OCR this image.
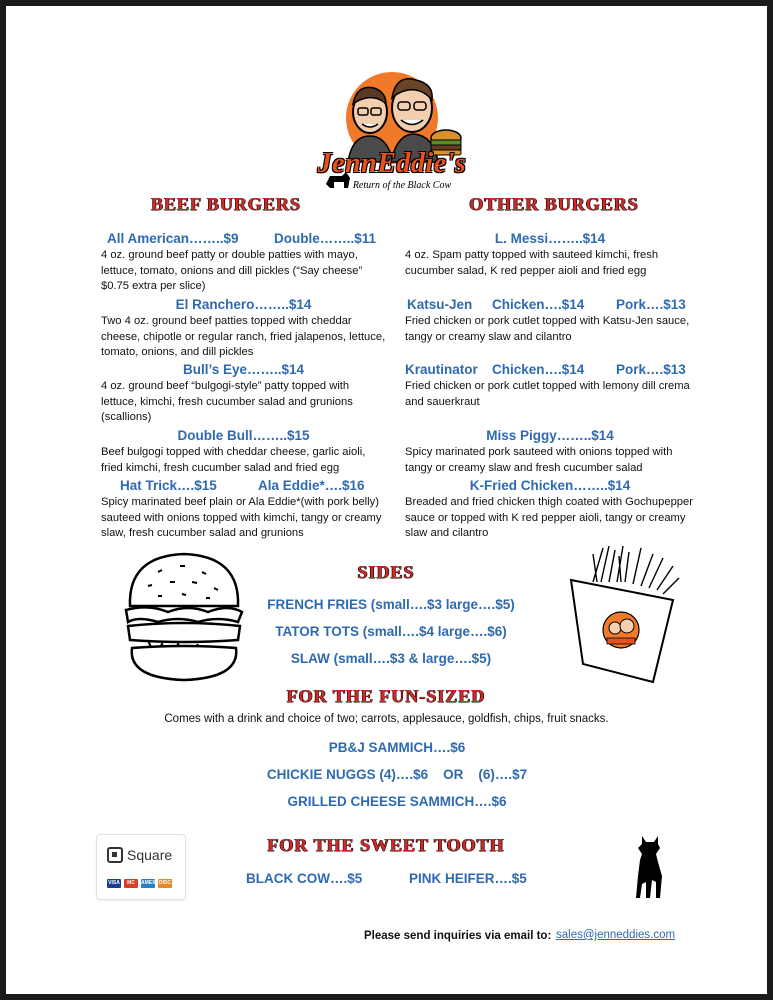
JennEddie's
Return of the Black Cow
BEEF BURGERS	OTHER BURGERS
All American……..$9	Double……..$11
4 oz. ground beef patty or double patties with mayo, lettuce, tomato, onions and dill pickles (“Say cheese” $0.75 extra per slice)
El Ranchero……..$14
Two 4 oz. ground beef patties topped with cheddar cheese, chipotle or regular ranch, fried jalapenos, lettuce, tomato, onions, and dill pickles
Bull’s Eye……..$14
4 oz. ground beef “bulgogi-style” patty topped with lettuce, kimchi, fresh cucumber salad and grunions (scallions)
Double Bull……..$15
Beef bulgogi topped with cheddar cheese, garlic aioli, fried kimchi, fresh cucumber salad and fried egg
Hat Trick….$15	Ala Eddie*….$16
Spicy marinated beef plain or Ala Eddie*(with pork belly) sauteed with onions topped with kimchi, tangy or creamy slaw, fresh cucumber salad and grunions
L. Messi……..$14
4 oz. Spam patty topped with sauteed kimchi, fresh cucumber salad, K red pepper aioli and fried egg
Katsu-Jen Chicken….$14 Pork….$13
Fried chicken or pork cutlet topped with Katsu-Jen sauce, tangy or creamy slaw and cilantro
Krautinator Chicken….$14 Pork….$13
Fried chicken or pork cutlet topped with lemony dill crema and sauerkraut
Miss Piggy……..$14
Spicy marinated pork sauteed with onions topped with tangy or creamy slaw and fresh cucumber salad
K-Fried Chicken……..$14
Breaded and fried chicken thigh coated with Gochupepper sauce or topped with K red pepper aioli, tangy or creamy slaw and cilantro
SIDES
FRENCH FRIES (small….$3 large….$5)
TATOR TOTS (small….$4 large….$6)
SLAW (small….$3 & large….$5)
FOR THE FUN-SIZED
Comes with a drink and choice of two; carrots, applesauce, goldfish, chips, fruit snacks.
PB&J SAMMICH….$6
CHICKIE NUGGS (4)….$6    OR    (6)….$7
GRILLED CHEESE SAMMICH….$6
FOR THE SWEET TOOTH
BLACK COW….$5	PINK HEIFER….$5
Square
VISA	MC	AMEX DISC
Please send inquiries via email to: sales@jenneddies.com
